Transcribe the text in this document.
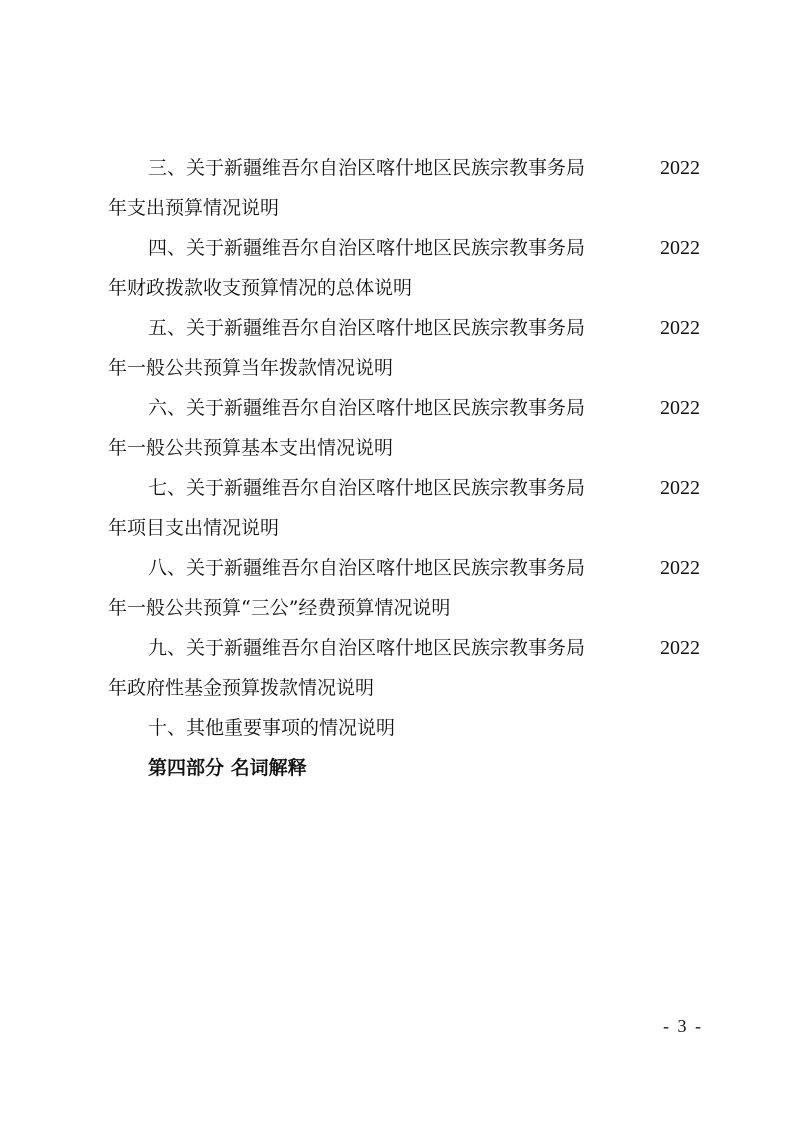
三、关于新疆维吾尔自治区喀什地区民族宗教事务局	2022
年支出预算情况说明
四、关于新疆维吾尔自治区喀什地区民族宗教事务局	2022
年财政拨款收支预算情况的总体说明
五、关于新疆维吾尔自治区喀什地区民族宗教事务局	2022
年一般公共预算当年拨款情况说明
六、关于新疆维吾尔自治区喀什地区民族宗教事务局	2022
年一般公共预算基本支出情况说明
七、关于新疆维吾尔自治区喀什地区民族宗教事务局	2022
年项目支出情况说明
八、关于新疆维吾尔自治区喀什地区民族宗教事务局	2022
年一般公共预算“三公”经费预算情况说明
九、关于新疆维吾尔自治区喀什地区民族宗教事务局	2022
年政府性基金预算拨款情况说明
十、其他重要事项的情况说明
第四部分 名词解释
- 3 -
